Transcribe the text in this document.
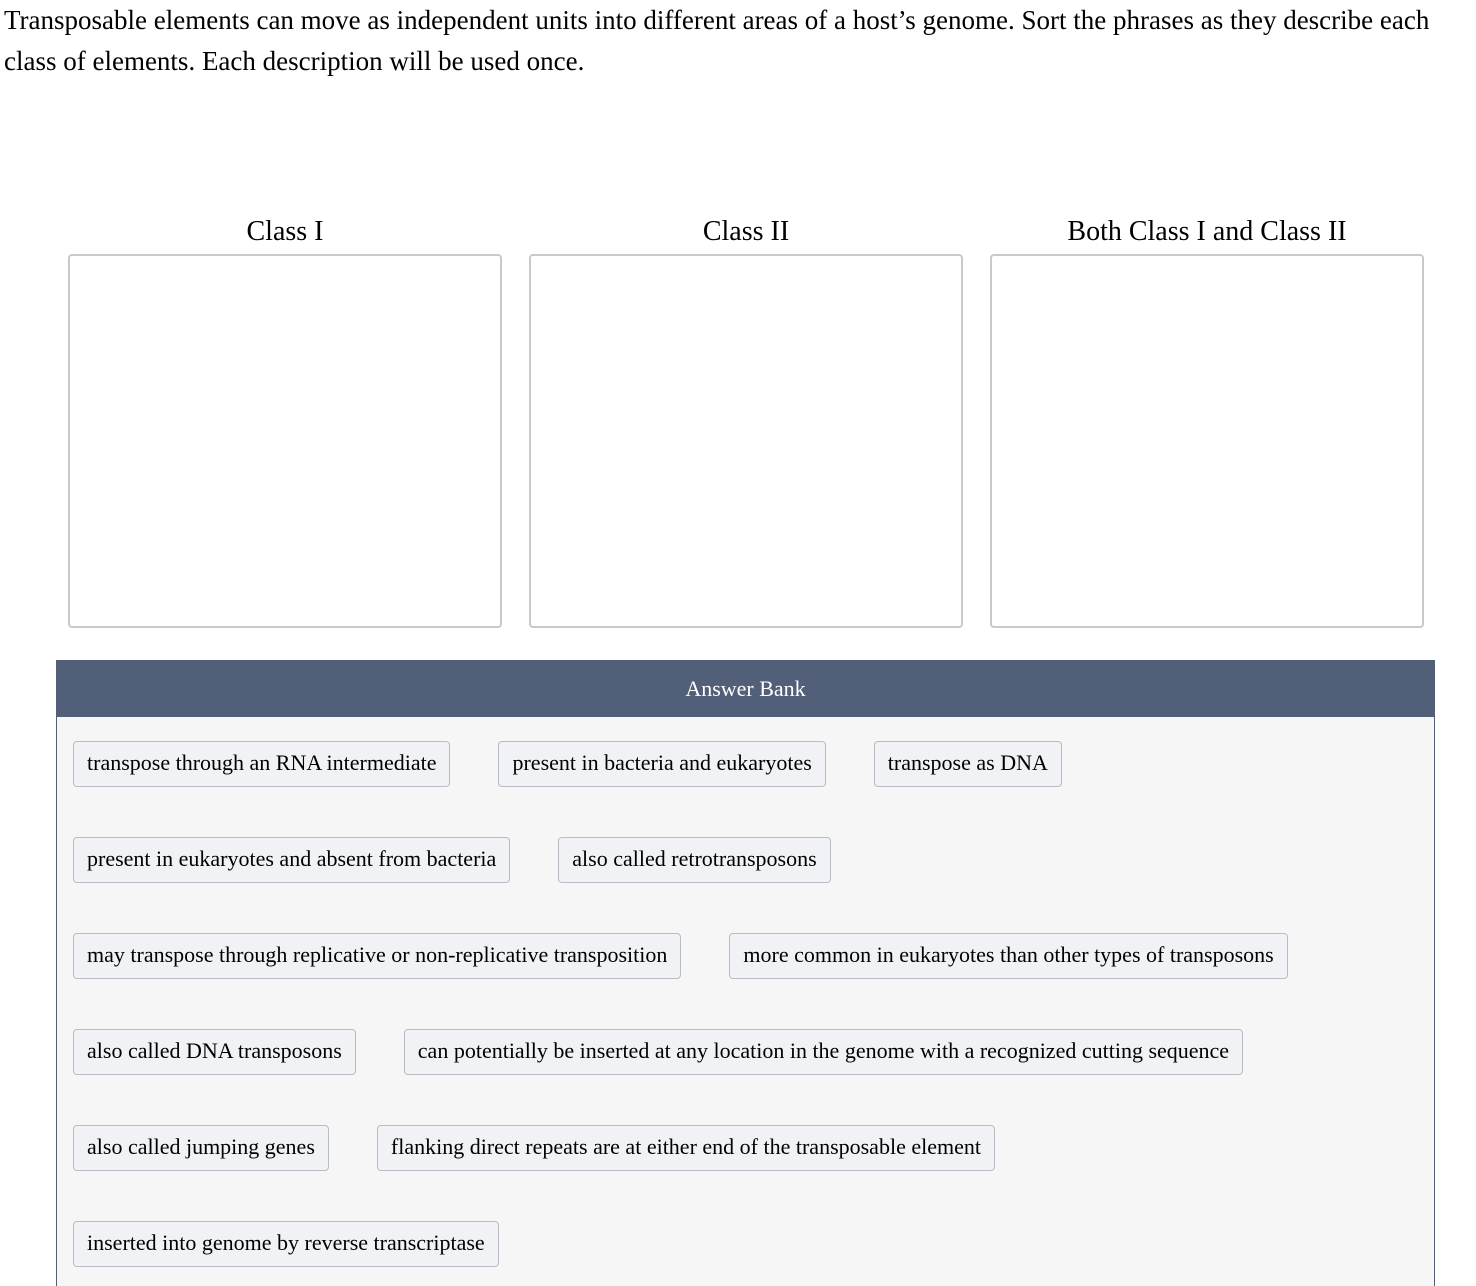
Transposable elements can move as independent units into different areas of a host’s genome. Sort the phrases as they describe each class of elements. Each description will be used once.
Class I	Class II	Both Class I and Class II
Answer Bank
transpose through an RNA intermediate	present in bacteria and eukaryotes	transpose as DNA
present in eukaryotes and absent from bacteria	also called retrotransposons
may transpose through replicative or non-replicative transposition	more common in eukaryotes than other types of transposons
also called DNA transposons	can potentially be inserted at any location in the genome with a recognized cutting sequence
also called jumping genes	flanking direct repeats are at either end of the transposable element
inserted into genome by reverse transcriptase
